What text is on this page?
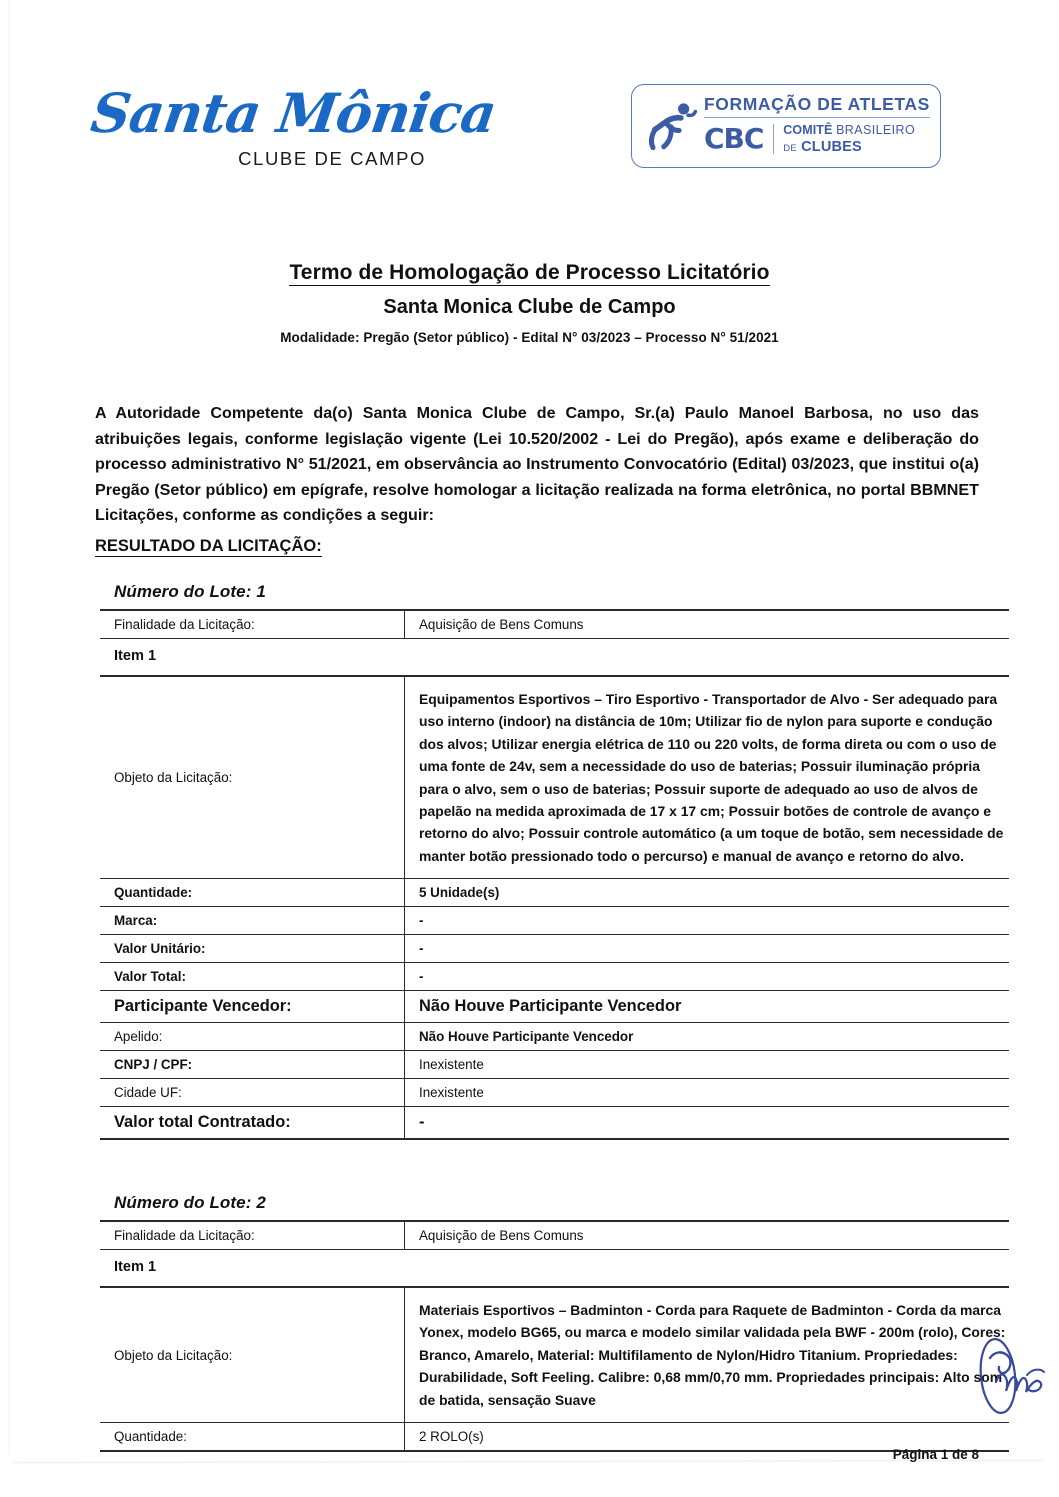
Santa Mônica
CLUBE DE CAMPO
FORMAÇÃO DE ATLETAS
CBC COMITÊ BRASILEIRO DE CLUBES
Termo de Homologação de Processo Licitatório
Santa Monica Clube de Campo
Modalidade: Pregão (Setor público) - Edital N° 03/2023 – Processo N° 51/2021
A Autoridade Competente da(o) Santa Monica Clube de Campo, Sr.(a) Paulo Manoel Barbosa, no uso das atribuições legais, conforme legislação vigente (Lei 10.520/2002 - Lei do Pregão), após exame e deliberação do processo administrativo N° 51/2021, em observância ao Instrumento Convocatório (Edital) 03/2023, que institui o(a) Pregão (Setor público) em epígrafe, resolve homologar a licitação realizada na forma eletrônica, no portal BBMNET Licitações, conforme as condições a seguir:
RESULTADO DA LICITAÇÃO:
Número do Lote: 1
Finalidade da Licitação:	Aquisição de Bens Comuns
Item 1	
Objeto da Licitação:	Equipamentos Esportivos – Tiro Esportivo - Transportador de Alvo - Ser adequado para uso interno (indoor) na distância de 10m; Utilizar fio de nylon para suporte e condução dos alvos; Utilizar energia elétrica de 110 ou 220 volts, de forma direta ou com o uso de uma fonte de 24v, sem a necessidade do uso de baterias; Possuir iluminação própria para o alvo, sem o uso de baterias; Possuir suporte de adequado ao uso de alvos de papelão na medida aproximada de 17 x 17 cm; Possuir botões de controle de avanço e retorno do alvo; Possuir controle automático (a um toque de botão, sem necessidade de manter botão pressionado todo o percurso) e manual de avanço e retorno do alvo.
Quantidade:	5 Unidade(s)
Marca:	-
Valor Unitário:	-
Valor Total:	-
Participante Vencedor:	Não Houve Participante Vencedor
Apelido:	Não Houve Participante Vencedor
CNPJ / CPF:	Inexistente
Cidade UF:	Inexistente
Valor total Contratado:	-
Número do Lote: 2
Finalidade da Licitação:	Aquisição de Bens Comuns
Item 1	
Objeto da Licitação:	Materiais Esportivos – Badminton - Corda para Raquete de Badminton - Corda da marca Yonex, modelo BG65, ou marca e modelo similar validada pela BWF - 200m (rolo), Cores: Branco, Amarelo, Material: Multifilamento de Nylon/Hidro Titanium. Propriedades: Durabilidade, Soft Feeling. Calibre: 0,68 mm/0,70 mm. Propriedades principais: Alto som de batida, sensação Suave
Quantidade:	2 ROLO(s)
Página 1 de 8
